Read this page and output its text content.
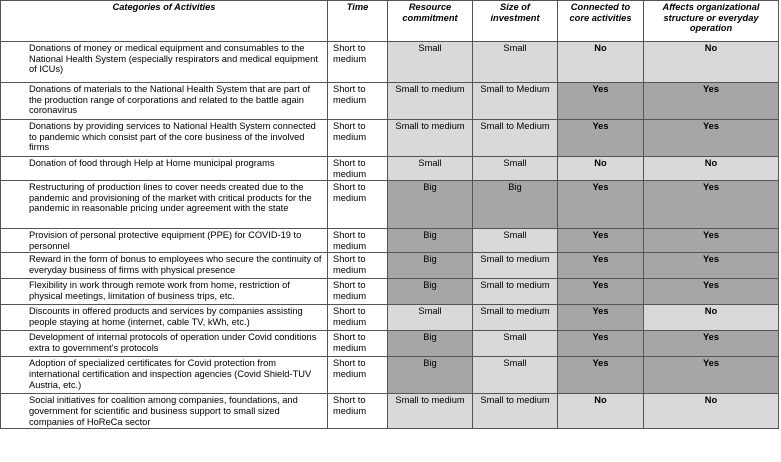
Categories of Activities	Time	Resource commitment	Size of investment	Connected to core activities	Affects organizational structure or everyday operation
Donations of money or medical equipment and consumables to the National Health System (especially respirators and medical equipment of ICUs)	Short to medium	Small	Small	No	No
Donations of materials to the National Health System that are part of the production range of corporations and related to the battle again coronavirus	Short to medium	Small to medium	Small to Medium	Yes	Yes
Donations by providing services to National Health System connected to pandemic which consist part of the core business of the involved firms	Short to medium	Small to medium	Small to Medium	Yes	Yes
Donation of food through Help at Home municipal programs	Short to medium	Small	Small	No	No
Restructuring of production lines to cover needs created due to the pandemic and provisioning of the market with critical products for the pandemic in reasonable pricing under agreement with the state	Short to medium	Big	Big	Yes	Yes
Provision of personal protective equipment (PPE) for COVID-19 to personnel	Short to medium	Big	Small	Yes	Yes
Reward in the form of bonus to employees who secure the continuity of everyday business of firms with physical presence	Short to medium	Big	Small to medium	Yes	Yes
Flexibility in work through remote work from home, restriction of physical meetings, limitation of business trips, etc.	Short to medium	Big	Small to medium	Yes	Yes
Discounts in offered products and services by companies assisting people staying at home (internet, cable TV, kWh, etc.)	Short to medium	Small	Small to medium	Yes	No
Development of internal protocols of operation under Covid conditions extra to government's protocols	Short to medium	Big	Small	Yes	Yes
Adoption of specialized certificates for Covid protection from international certification and inspection agencies (Covid Shield-TUV Austria, etc.)	Short to medium	Big	Small	Yes	Yes
Social initiatives for coalition among companies, foundations, and government for scientific and business support to small sized companies of HoReCa sector	Short to medium	Small to medium	Small to medium	No	No
